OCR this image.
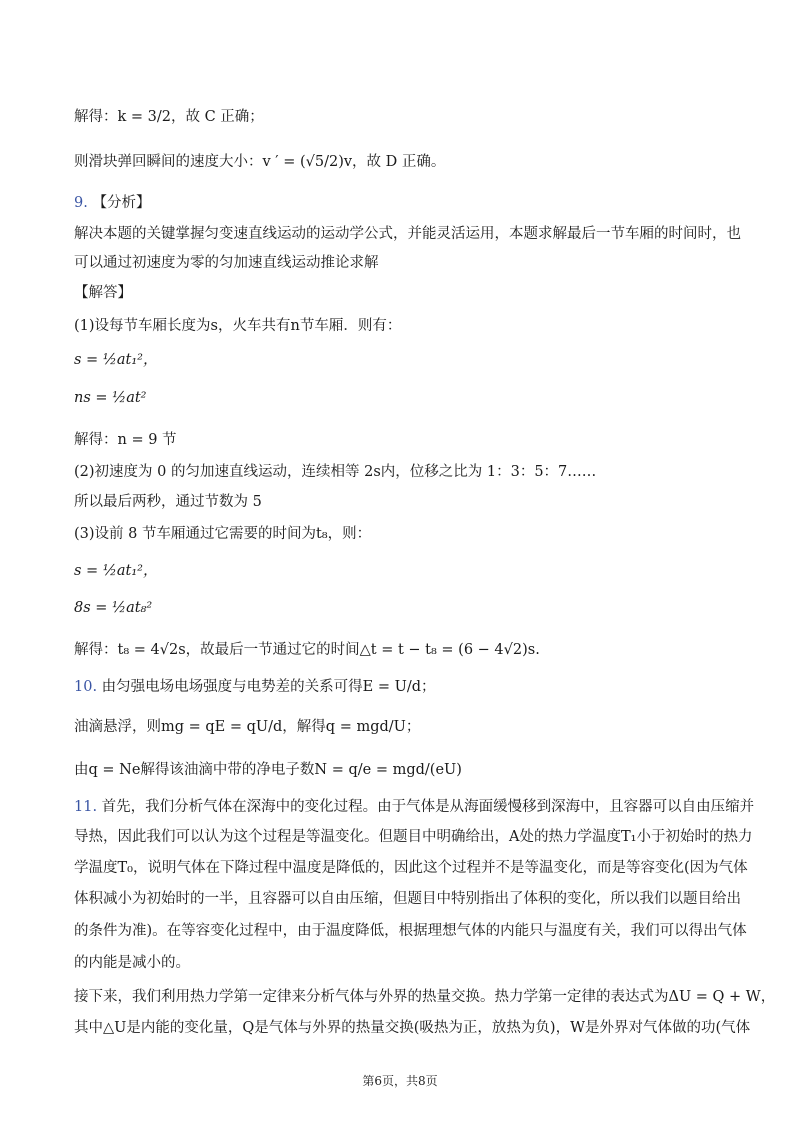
解得：k = 3/2，故 C 正确；
则滑块弹回瞬间的速度大小：v ′ = (√5/2)v，故 D 正确。
9. 【分析】
解决本题的关键掌握匀变速直线运动的运动学公式，并能灵活运用，本题求解最后一节车厢的时间时，也
可以通过初速度为零的匀加速直线运动推论求解
【解答】
(1)设每节车厢长度为s，火车共有n节车厢．则有：
s = ½at₁²，
ns = ½at²
解得：n = 9 节
(2)初速度为 0 的匀加速直线运动，连续相等 2s内，位移之比为 1：3：5：7……
所以最后两秒，通过节数为 5
(3)设前 8 节车厢通过它需要的时间为t₈，则：
s = ½at₁²，
8s = ½at₈²
解得：t₈ = 4√2s，故最后一节通过它的时间△t = t − t₈ = (6 − 4√2)s.
10. 由匀强电场电场强度与电势差的关系可得E = U/d；
油滴悬浮，则mg = qE = qU/d，解得q = mgd/U；
由q = Ne解得该油滴中带的净电子数N = q/e = mgd/(eU)
11. 首先，我们分析气体在深海中的变化过程。由于气体是从海面缓慢移到深海中，且容器可以自由压缩并
导热，因此我们可以认为这个过程是等温变化。但题目中明确给出，A处的热力学温度T₁小于初始时的热力
学温度T₀，说明气体在下降过程中温度是降低的，因此这个过程并不是等温变化，而是等容变化(因为气体
体积减小为初始时的一半，且容器可以自由压缩，但题目中特别指出了体积的变化，所以我们以题目给出
的条件为准)。在等容变化过程中，由于温度降低，根据理想气体的内能只与温度有关，我们可以得出气体
的内能是减小的。
接下来，我们利用热力学第一定律来分析气体与外界的热量交换。热力学第一定律的表达式为ΔU = Q + W，
其中△U是内能的变化量，Q是气体与外界的热量交换(吸热为正，放热为负)，W是外界对气体做的功(气体
第6页，共8页
